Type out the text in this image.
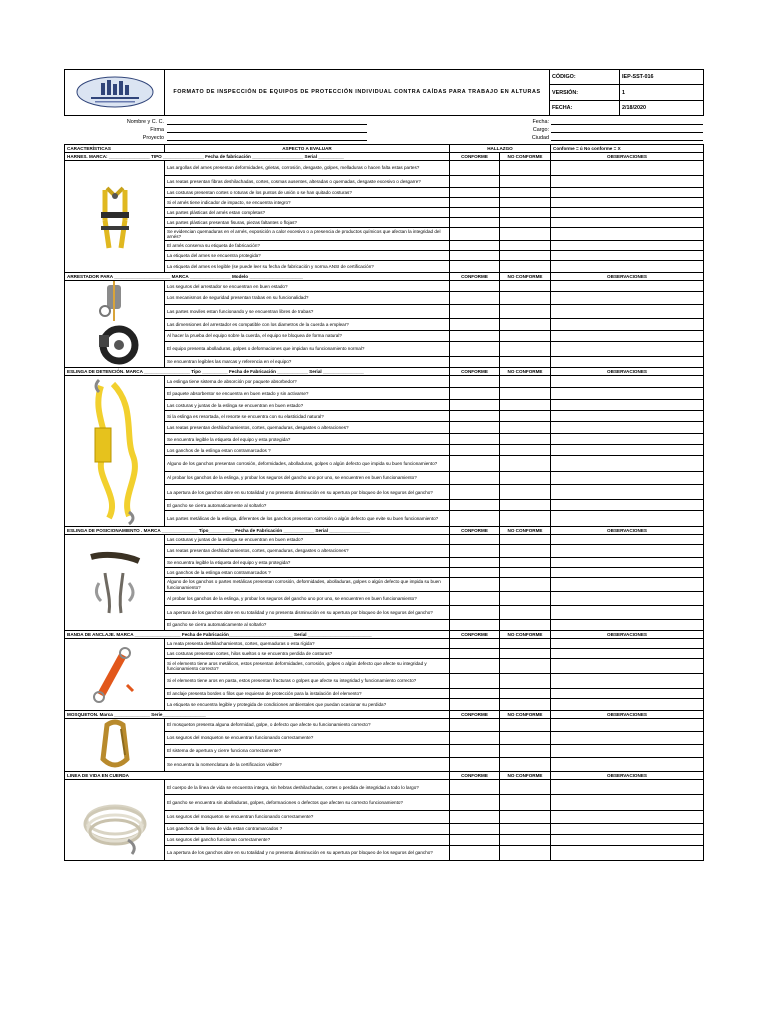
	FORMATO DE INSPECCIÓN DE EQUIPOS DE PROTECCIÓN INDIVIDUAL CONTRA CAÍDAS PARA TRABAJO EN ALTURAS	CÓDIGO:	IEP-SST-016
		VERSIÓN:	1
		FECHA:	2/18/2020
Nombre y C. C.
Firma
Proyecto
Fecha:
Cargo:
Ciudad
CARACTERÍSTICAS	ASPECTO A EVALUAR	HALLAZGO		Conforme = ú No conforme = X
HARNES. MARCA: ________________ TIPO ________________ Fecha de fabricación ____________________ Serial __________		CONFORME	NO CONFORME	OBSERVACIONES

	Las argollas del arnes presentan deformidades, grietas, corrosión, desgaste, golpes, melladuras o hacen falta estas partes?			
	Las reatas presentan fibras deshilachadas, cortes, cosmas ausentes, alteradas o quemadas, desgaste excesivo o desgarre?			
	Las costuras presentan cortes o roturas de los puntos de unión o se han quitado costuras?			
	Si el arnés tiene indicador de impacto, se encuentra integro?			
	Las partes plásticas del arnés estan completas?			
	Las partes plásticas presentan fisuras, piezas faltantes o flojas?			
	Se evidencian quemaduras en el arnés, exposición a calor excesivo o a presencia de productos químicos que afectan la integridad del arnés?			
	El arnés conserva su etiqueta de fabricación?			
	La etiqueta del arnes se encuentra protegida?			
	La etiqueta del arnes es legible (se puede leer su fecha de fabricación y norma ANSI de certificación?			
ARRESTADOR PARA ______________________ MARCA ________________ Modelo _____________________		CONFORME	NO CONFORME	OBSERVACIONES

	Los seguros del arrestador se encuentran en buen estado?			
	Los mecanismos de seguridad presentan trabas en su funcionalidad?			
	Las partes moviles estan funcionando y se encuentran libres de trabas?			
	Las dimensiones del arrestador es compatible con los diametros de la cuerda a emplear?			
	Al hacer la prueba del equipo sobre la cuerda, el equipo se bloquea de forma natural?			
	El equipo presenta abolladuras, golpes o deformaciones que impidan su funcionamiento normal?			
	Se encuentran legibles las marcas y referencia en el equipo?			
ESLINGA DE DETENCIÓN. MARCA __________________ Tipo __________ Fecha de Fabricación ____________ Serial ________________		CONFORME	NO CONFORME	OBSERVACIONES

	La eslinga tiene sistema de absorción por paquete absorbedor?			
	El paquete absorbentor se encuentra en buen estado y sin activarse?			
	Las costuras y juntas de la eslinga se encuentran en buen estado?			
	Si la eslinga es resortada, el resorte se encuentra con su elasticidad natural?			
	Las reatas presentan deshilachamientos, cortes, quemaduras, desgastes o alteraciones?			
	Se encuentra legible la etiqueta del equipo y esta protegida?			
	Los ganchos de la eslinga estan contramarcados ?			
	Alguno de los ganchos presentan corrosión, deformidades, abolladuras, golpes o algún defecto que impida su buen funcionamiento?			
	Al probar los ganchos de la eslinga, y probar los seguros del gancho uno por uno, se encuentren en buen funcionamiento?			
	La apertura de los ganchos abre en su totalidad y no presenta disminución en su apertura por bloqueo de los seguros del gancho?			
	El gancho se cierra automaticamente al soltarlo?			
	Las partes metálicas de la eslinga, diferentes de los ganchos presentan corrosión o algún defecto que evite su buen funcionamiento?			
ESLINGA DE POSICIONAMIENTO . MARCA ______________ Tipo__________ Fecha de Fabricación ____________ Serial ________________		CONFORME	NO CONFORME	OBSERVACIONES

	Las costuras y juntas de la eslinga se encuentran en buen estado?			
	Las reatas presentan deshilachamientos, cortes, quemaduras, desgastes o alteraciones?			
	Se encuentra legible la etiqueta del equipo y esta protegida?			
	Los ganchos de la eslinga estan contramarcados ?			
	Alguno de los ganchos o partes metálicas presentan corrosión, deformidades, abolladuras, golpes o algún defecto que impida su buen funcionamiento?			
	Al probar los ganchos de la eslinga, y probar los seguros del gancho uno por uno, se encuentren en buen funcionamiento?			
	La apertura de los ganchos abre en su totalidad y no presenta disminución en su apertura por bloqueo de los seguros del gancho?			
	El gancho se cierra automaticamente al soltarlo?			
BANDA DE ANCLAJE. MARCA __________________ Fecha de Fabricación_________________________ Serial _________________________		CONFORME	NO CONFORME	OBSERVACIONES

	La reata presenta deshilachamientos, cortes, quemaduras o esta rígida?			
	Las costuras presentan cortes, hilos sueltos o se encuentra perdida de costuras?			
	Si el elemento tiene aros metálicos, estos presentan deformidades, corrosión, golpes o algún defecto que afecte su integridad y funcionamiento correcto?			
	Si el elemento tiene aros en pasta, estos presentan fracturas o golpes que afecte su integridad y funcionamiento correcto?			
	El anclaje presenta bordes o filos que requieran de protección para la instalación del elemento?			
	La etiqueta se encuentra legible y protegida de condiciones ambientales que puedan ocasionar su perdida?			
MOSQUETON. Marca ______________ Serie_________________		CONFORME	NO CONFORME	OBSERVACIONES

	El mosqueton presenta alguna deformidad, golpe, o defecto que afecte su funcionamiento correcto?			
	Los seguros del mosqueton se encuentran funcionando correctamente?			
	El sistema de apertura y cierre funciona correctamente?			
	Se encuentra la nomenclatura de la certificacion visible?			
LINEA DE VIDA EN CUERDA		CONFORME	NO CONFORME	OBSERVACIONES

	El cuerpo de la línea de vida se encuentra integra, sin hebras deshilachadas, cortes o perdida de integridad a todo lo largo?			
	El gancho se encuentra sin abolladuras, golpes, deformaciones o defectos que afecten su correcto funcionamiento?			
	Los seguros del mosqueton se encuentran funcionando correctamente?			
	Los ganchos de la línea de vida estan contramarcados ?			
	Los seguros del gancho funcionan correctamente?			
	La apertura de los ganchos abre en su totalidad y no presenta disminución en su apertura por bloqueo de los seguros del gancho?			
